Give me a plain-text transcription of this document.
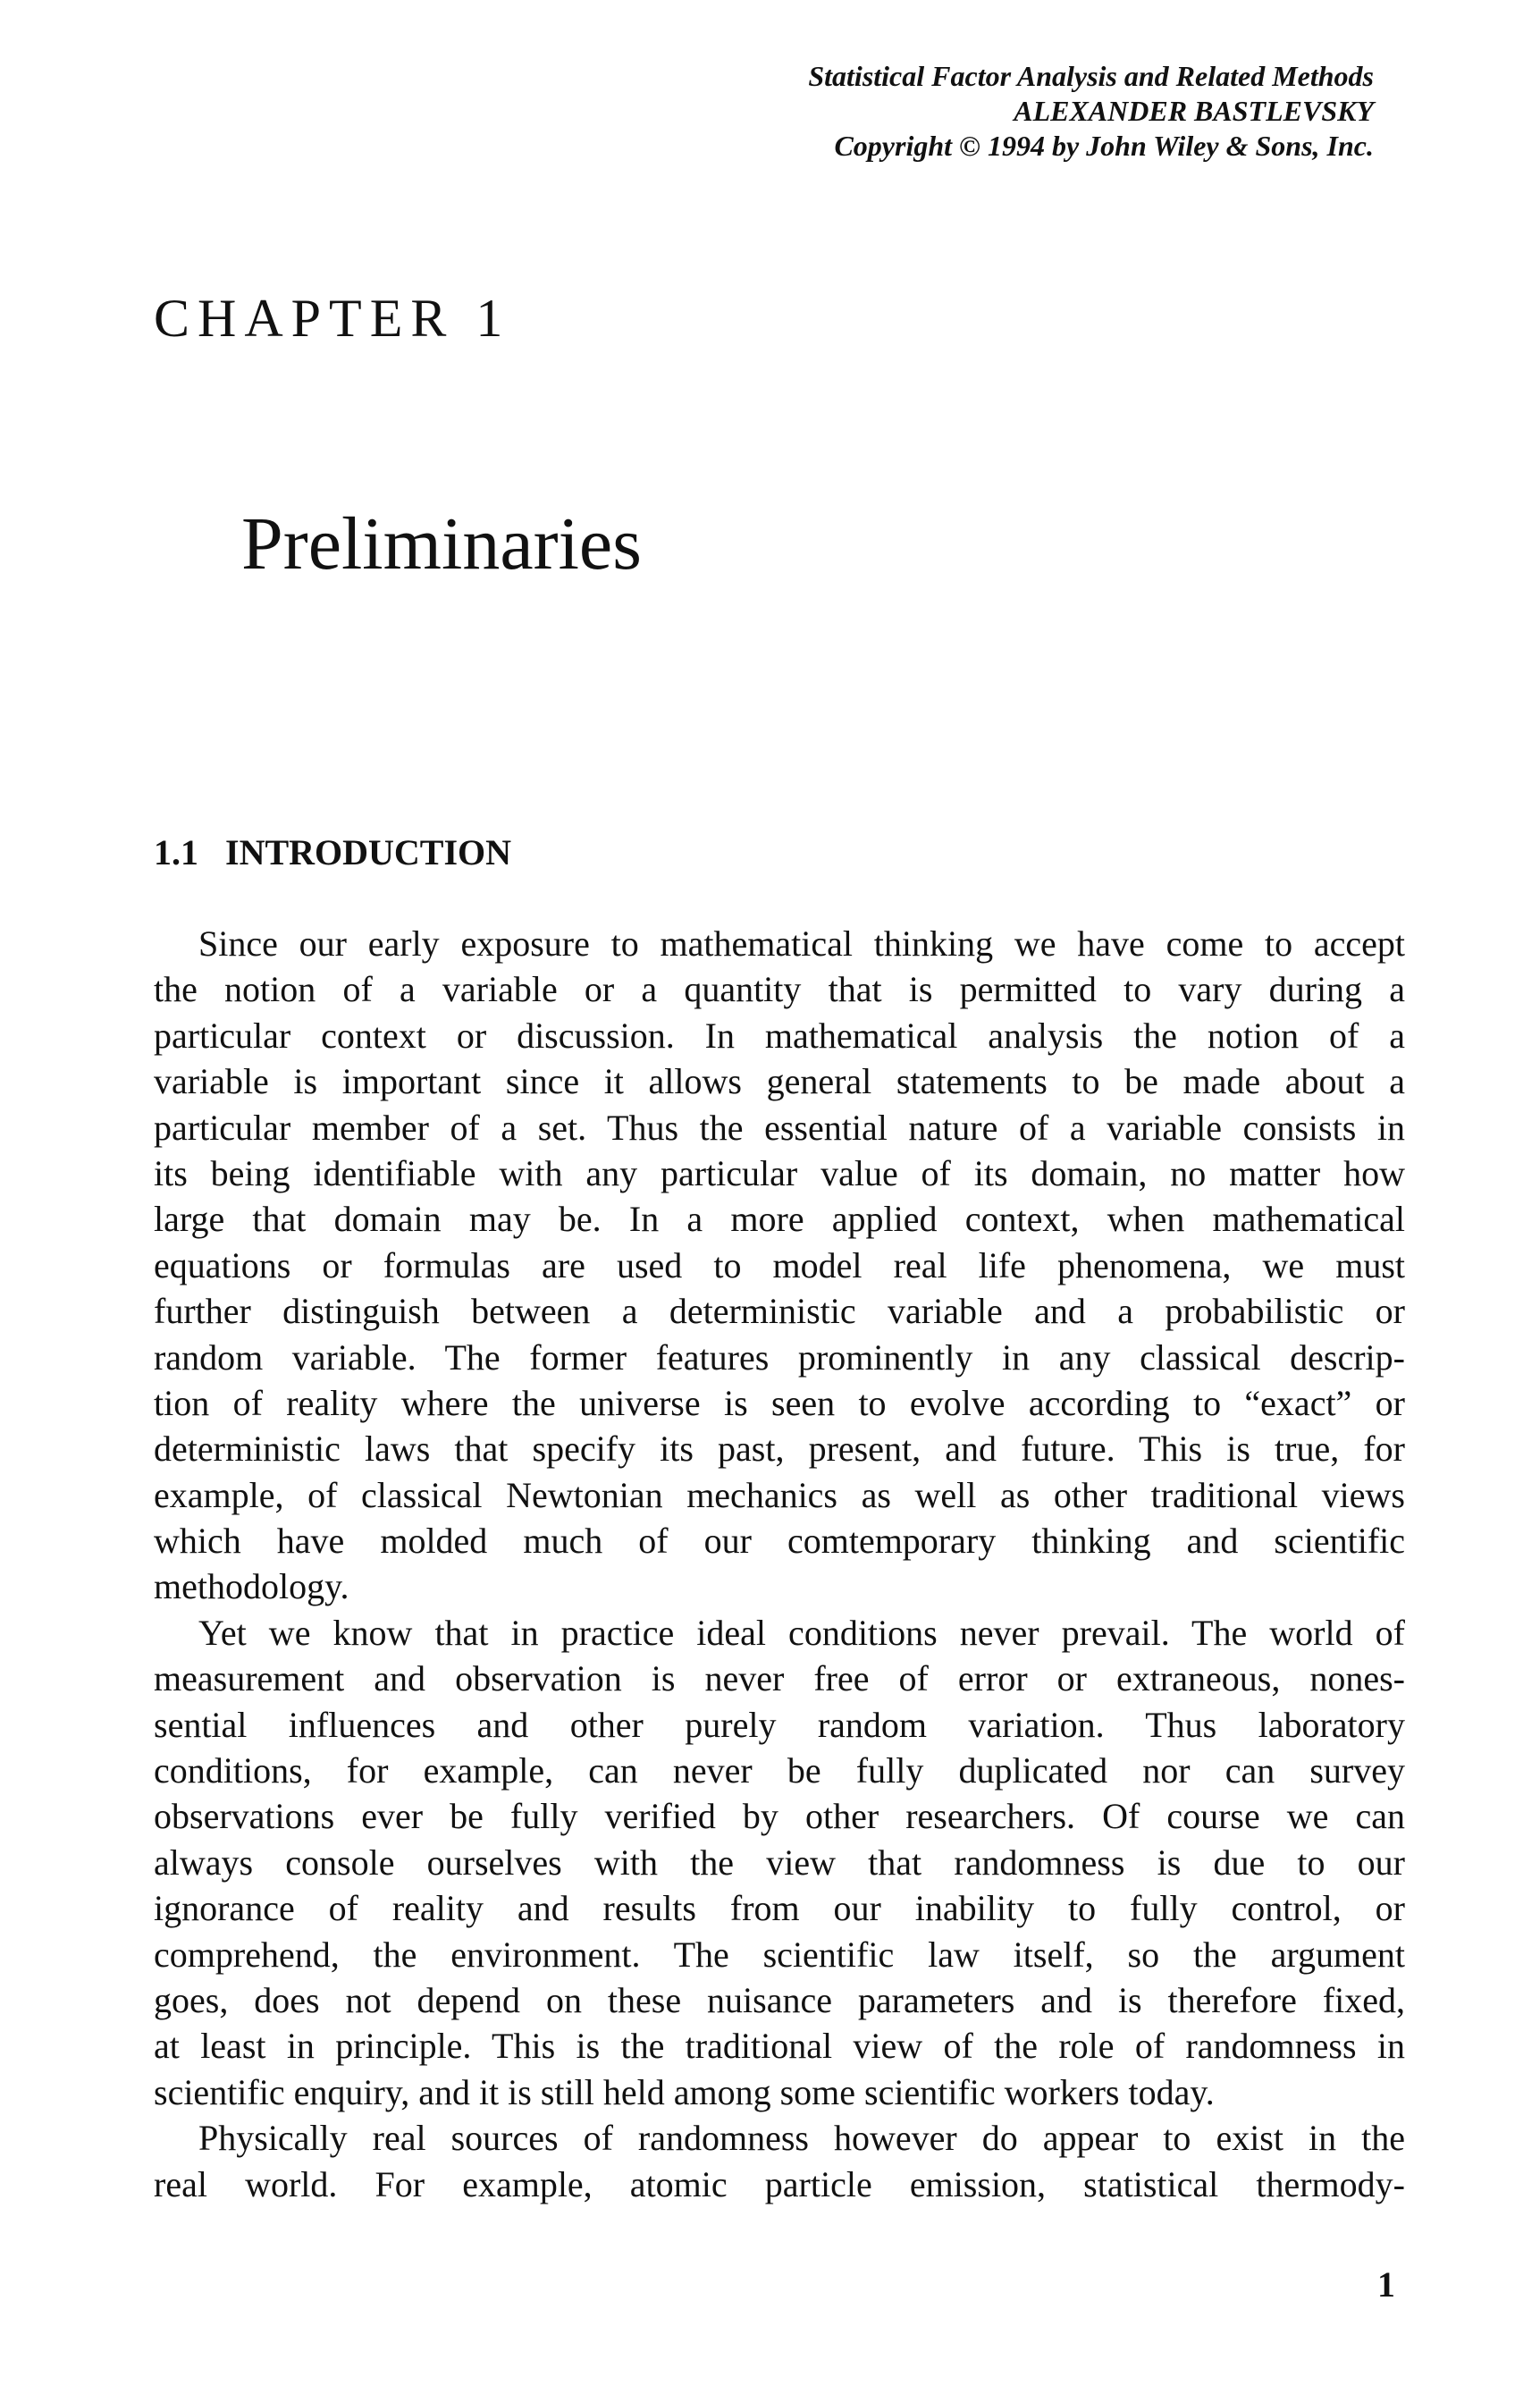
Statistical Factor Analysis and Related Methods
ALEXANDER BASTLEVSKY
Copyright © 1994 by John Wiley & Sons, Inc.
CHAPTER 1
Preliminaries
1.1 INTRODUCTION
Since our early exposure to mathematical thinking we have come to accept
the notion of a variable or a quantity that is permitted to vary during a
particular context or discussion. In mathematical analysis the notion of a
variable is important since it allows general statements to be made about a
particular member of a set. Thus the essential nature of a variable consists in
its being identifiable with any particular value of its domain, no matter how
large that domain may be. In a more applied context, when mathematical
equations or formulas are used to model real life phenomena, we must
further distinguish between a deterministic variable and a probabilistic or
random variable. The former features prominently in any classical descrip-
tion of reality where the universe is seen to evolve according to “exact” or
deterministic laws that specify its past, present, and future. This is true, for
example, of classical Newtonian mechanics as well as other traditional views
which have molded much of our comtemporary thinking and scientific
methodology.
Yet we know that in practice ideal conditions never prevail. The world of
measurement and observation is never free of error or extraneous, nones-
sential influences and other purely random variation. Thus laboratory
conditions, for example, can never be fully duplicated nor can survey
observations ever be fully verified by other researchers. Of course we can
always console ourselves with the view that randomness is due to our
ignorance of reality and results from our inability to fully control, or
comprehend, the environment. The scientific law itself, so the argument
goes, does not depend on these nuisance parameters and is therefore fixed,
at least in principle. This is the traditional view of the role of randomness in
scientific enquiry, and it is still held among some scientific workers today.
Physically real sources of randomness however do appear to exist in the
real world. For example, atomic particle emission, statistical thermody-
1
